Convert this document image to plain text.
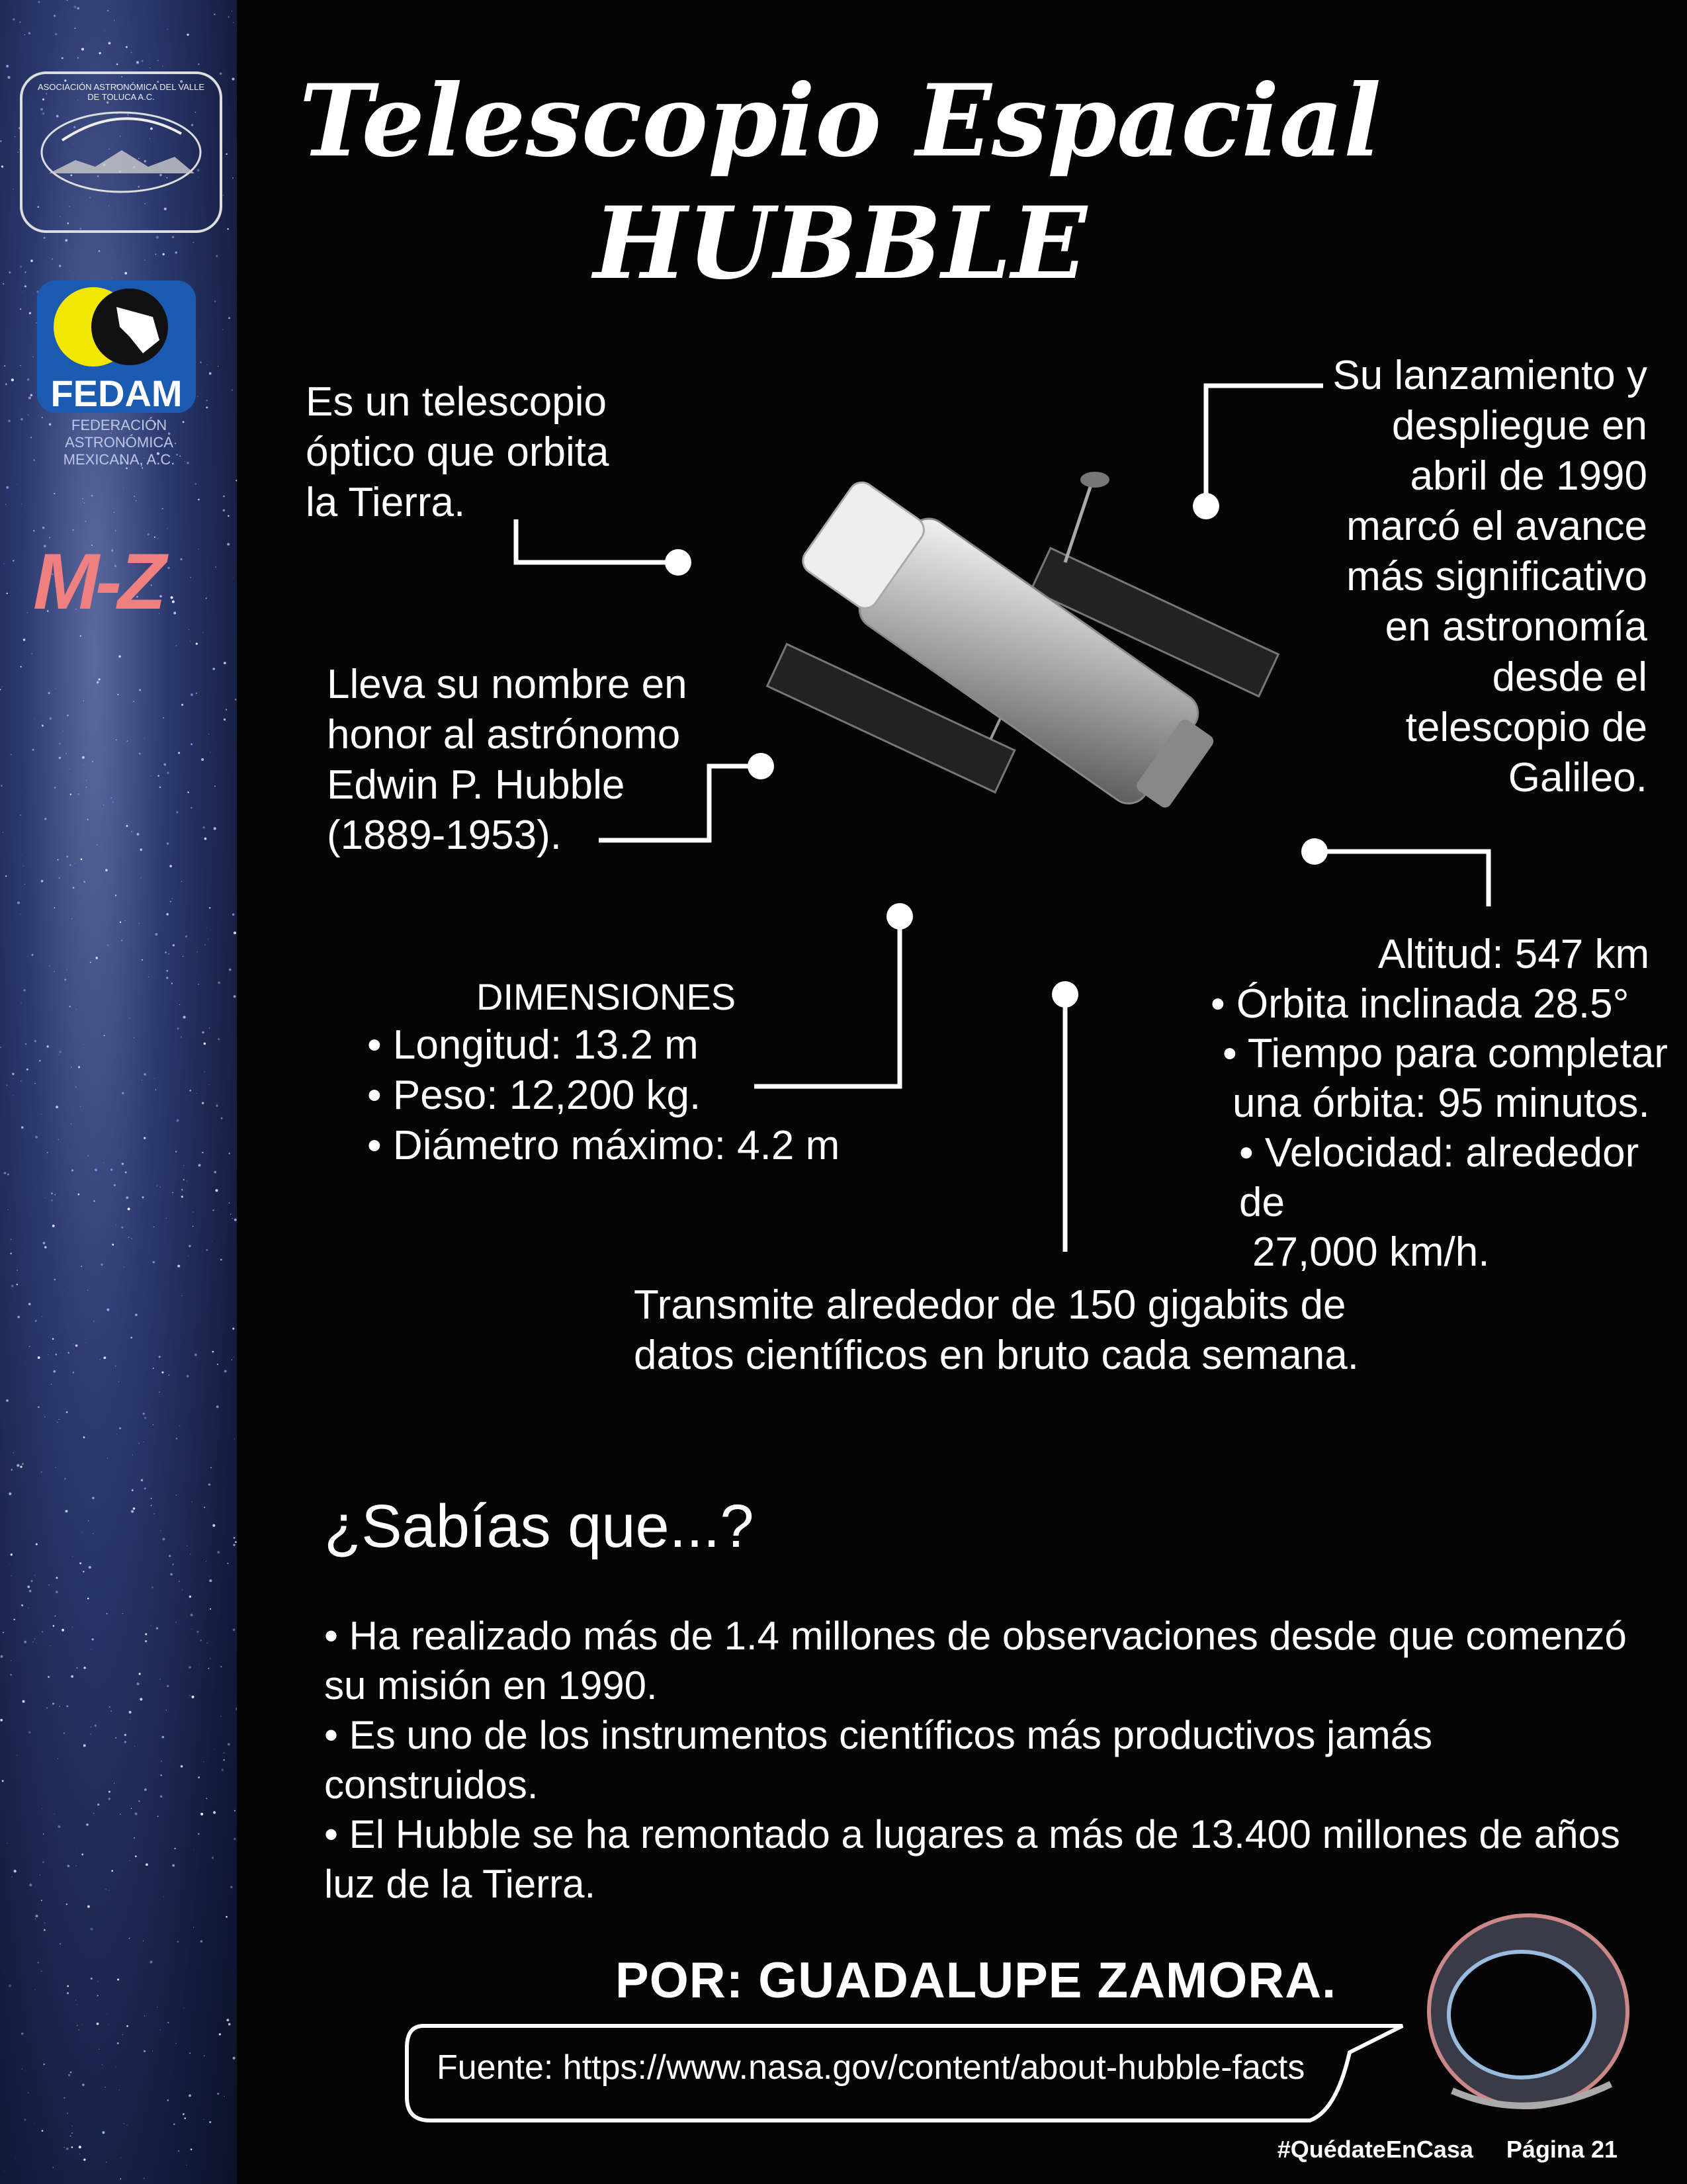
ASOCIACIÓN ASTRONÓMICA DEL VALLE DE TOLUCA A.C.
FEDAM
FEDERACIÓN ASTRONÓMICA MEXICANA, A.C.
M-Z
Telescopio Espacial
HUBBLE
Es un telescopio
óptico que orbita
la Tierra.
Lleva su nombre en
honor al astrónomo
Edwin P. Hubble
(1889-1953).
Su lanzamiento y
despliegue en
abril de 1990
marcó el avance
más significativo
en astronomía
desde el
telescopio de
Galileo.
DIMENSIONES
• Longitud: 13.2 m
• Peso: 12,200 kg.
• Diámetro máximo: 4.2 m
Altitud: 547 km
• Órbita inclinada 28.5°
• Tiempo para completar
una órbita: 95 minutos.
• Velocidad: alrededor de
27,000 km/h.
Transmite alrededor de 150 gigabits de
datos científicos en bruto cada semana.
¿Sabías que...?
• Ha realizado más de 1.4 millones de observaciones desde que comenzó su misión en 1990.
• Es uno de los instrumentos científicos más productivos jamás construidos.
• El Hubble se ha remontado a lugares a más de 13.400 millones de años luz de la Tierra.
POR: GUADALUPE ZAMORA.
Fuente: https://www.nasa.gov/content/about-hubble-facts
#QuédateEnCasa Página 21
